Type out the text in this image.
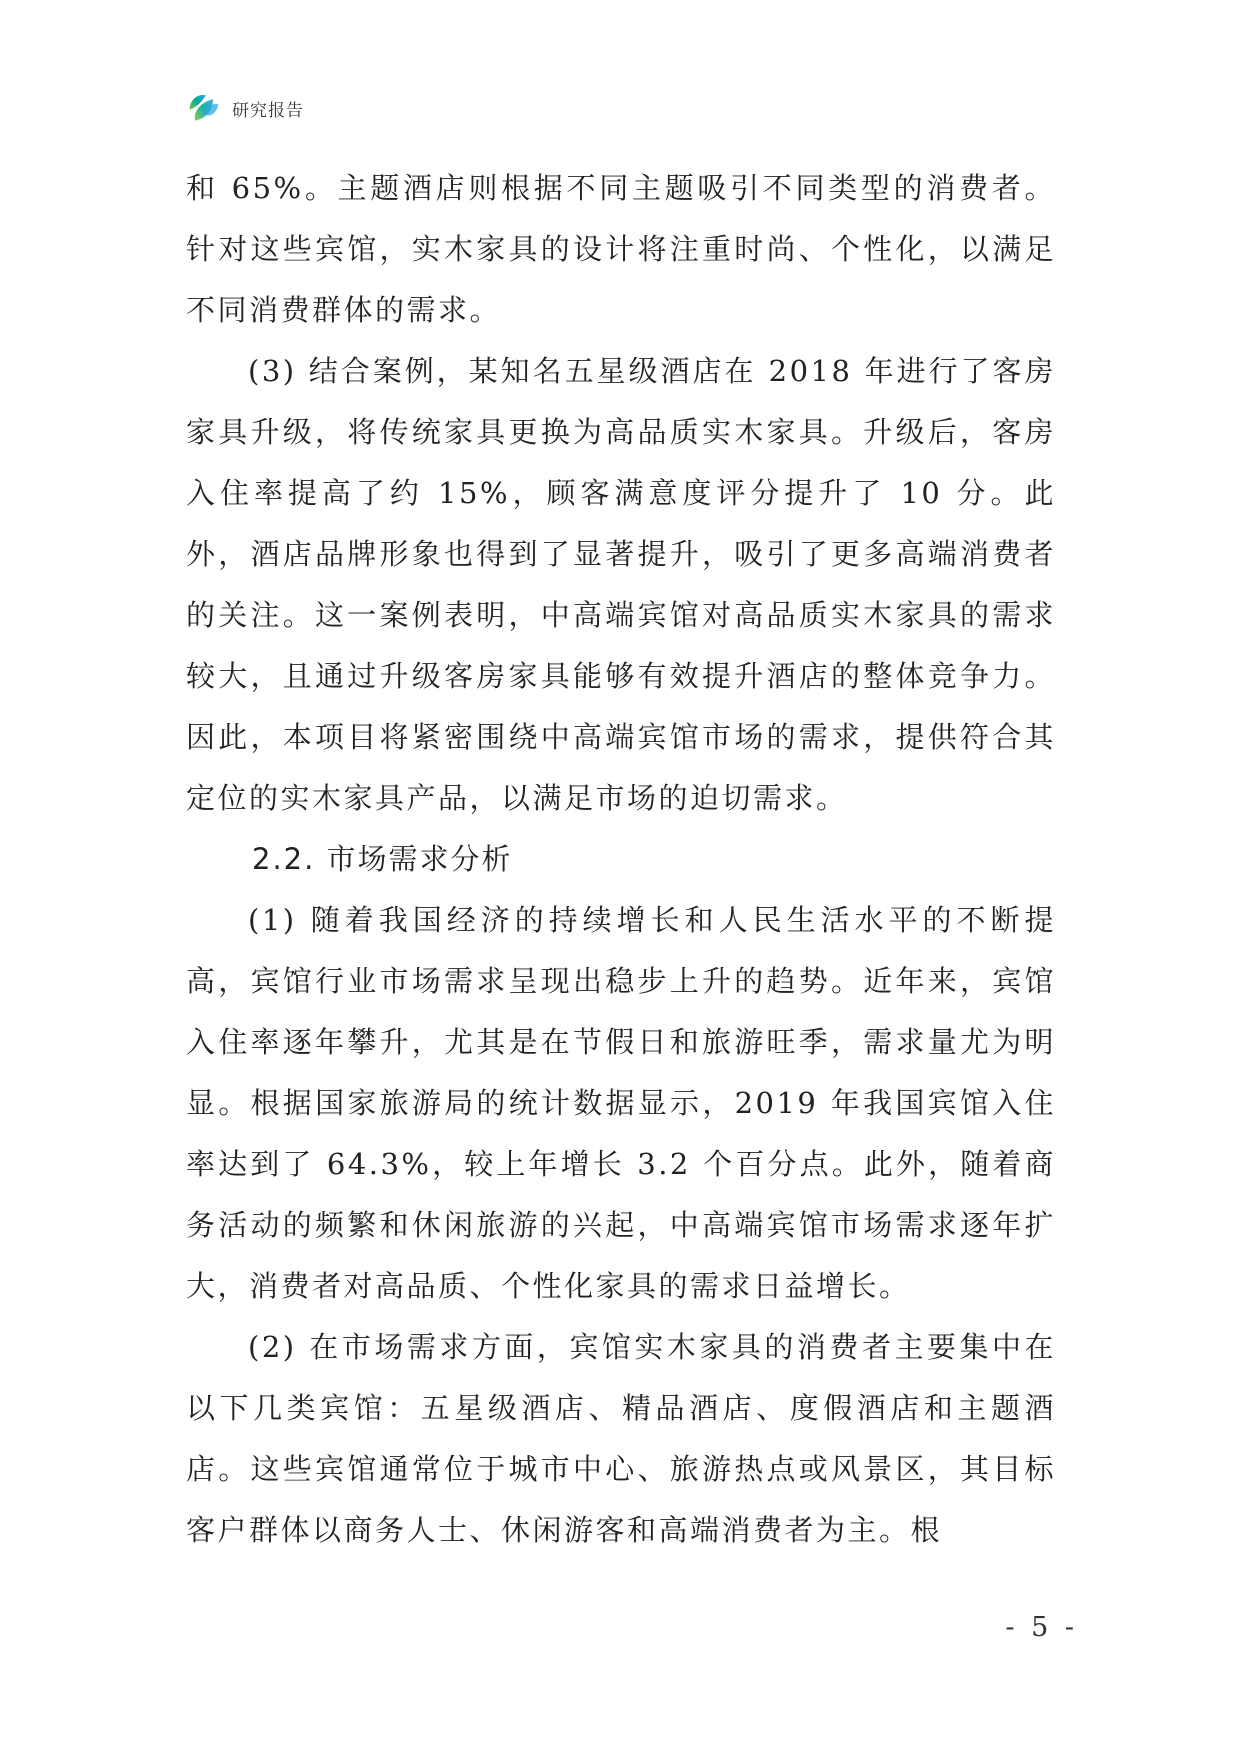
研究报告

和 65%。主题酒店则根据不同主题吸引不同类型的消费者。针对这些宾馆，实木家具的设计将注重时尚、个性化，以满足不同消费群体的需求。

(3) 结合案例，某知名五星级酒店在 2018 年进行了客房家具升级，将传统家具更换为高品质实木家具。升级后，客房入住率提高了约 15%，顾客满意度评分提升了 10 分。此外，酒店品牌形象也得到了显著提升，吸引了更多高端消费者的关注。这一案例表明，中高端宾馆对高品质实木家具的需求较大，且通过升级客房家具能够有效提升酒店的整体竞争力。因此，本项目将紧密围绕中高端宾馆市场的需求，提供符合其定位的实木家具产品，以满足市场的迫切需求。

2.2. 市场需求分析

(1) 随着我国经济的持续增长和人民生活水平的不断提高，宾馆行业市场需求呈现出稳步上升的趋势。近年来，宾馆入住率逐年攀升，尤其是在节假日和旅游旺季，需求量尤为明显。根据国家旅游局的统计数据显示，2019 年我国宾馆入住率达到了 64.3%，较上年增长 3.2 个百分点。此外，随着商务活动的频繁和休闲旅游的兴起，中高端宾馆市场需求逐年扩大，消费者对高品质、个性化家具的需求日益增长。

(2) 在市场需求方面，宾馆实木家具的消费者主要集中在以下几类宾馆：五星级酒店、精品酒店、度假酒店和主题酒店。这些宾馆通常位于城市中心、旅游热点或风景区，其目标客户群体以商务人士、休闲游客和高端消费者为主。根

- 5 -
